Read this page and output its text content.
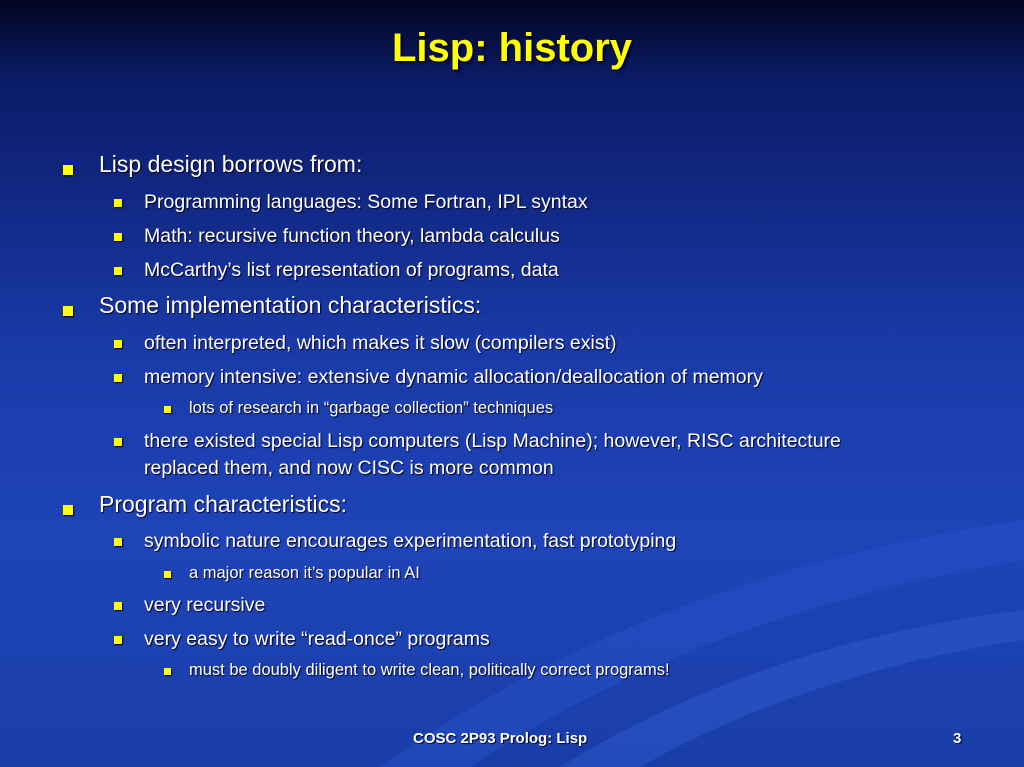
Lisp: history
Lisp design borrows from:
Programming languages: Some Fortran, IPL syntax
Math: recursive function theory, lambda calculus
McCarthy’s list representation of programs, data
Some implementation characteristics:
often interpreted, which makes it slow (compilers exist)
memory intensive: extensive dynamic allocation/deallocation of memory
lots of research in “garbage collection” techniques
there existed special Lisp computers (Lisp Machine); however, RISC architecture
replaced them, and now CISC is more common
Program characteristics:
symbolic nature encourages experimentation, fast prototyping
a major reason it’s popular in AI
very recursive
very easy to write “read-once” programs
must be doubly diligent to write clean, politically correct programs!
COSC 2P93 Prolog: Lisp	3
